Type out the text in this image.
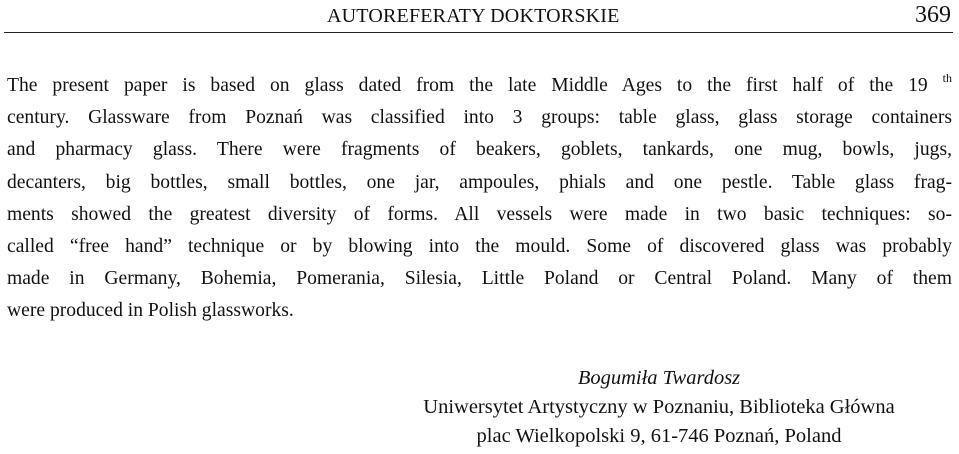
AUTOREFERATY DOKTORSKIE	369
The present paper is based on glass dated from the late Middle Ages to the first half of the 19 $^{th}$
century. Glassware from Poznań was classified into 3 groups: table glass, glass storage containers
and pharmacy glass. There were fragments of beakers, goblets, tankards, one mug, bowls, jugs,
decanters, big bottles, small bottles, one jar, ampoules, phials and one pestle. Table glass frag-
ments showed the greatest diversity of forms. All vessels were made in two basic techniques: so-
called “free hand” technique or by blowing into the mould. Some of discovered glass was probably
made in Germany, Bohemia, Pomerania, Silesia, Little Poland or Central Poland. Many of them
were produced in Polish glassworks.
Bogumiła Twardosz
Uniwersytet Artystyczny w Poznaniu, Biblioteka Główna
plac Wielkopolski 9, 61-746 Poznań, Poland
